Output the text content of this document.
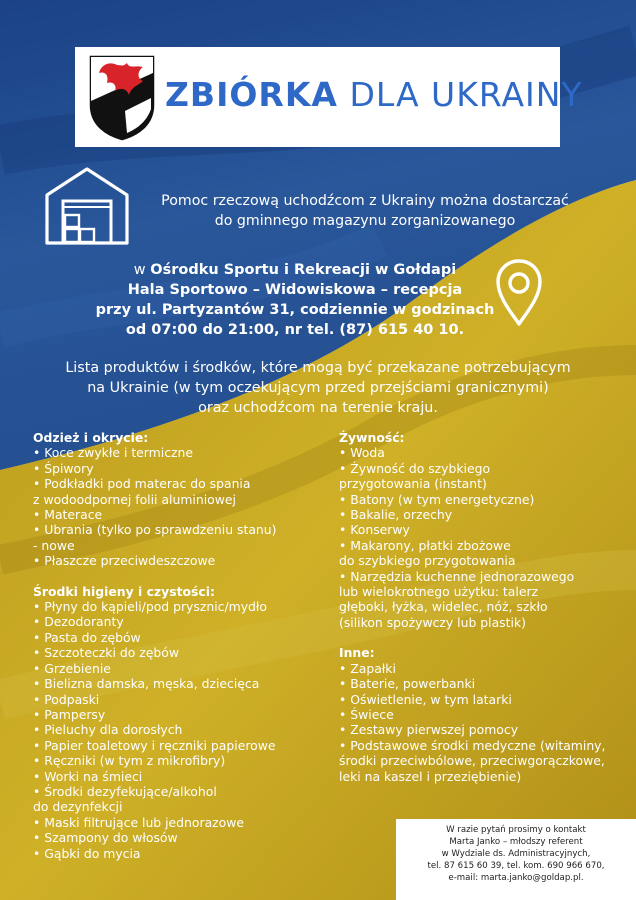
ZBIÓRKA DLA UKRAINY
Pomoc rzeczową uchodźcom z Ukrainy można dostarczać
do gminnego magazynu zorganizowanego
w Ośrodku Sportu i Rekreacji w Gołdapi
Hala Sportowo – Widowiskowa – recepcja
przy ul. Partyzantów 31, codziennie w godzinach
od 07:00 do 21:00, nr tel. (87) 615 40 10.
Lista produktów i środków, które mogą być przekazane potrzebującym
na Ukrainie (w tym oczekującym przed przejściami granicznymi)
oraz uchodźcom na terenie kraju.

Odzież i okrycie:

• Koce zwykłe i termiczne
• Śpiwory
• Podkładki pod materac do spania
z wodoodpornej folii aluminiowej
• Materace
• Ubrania (tylko po sprawdzeniu stanu)
- nowe
• Płaszcze przeciwdeszczowe

Środki higieny i czystości:

• Płyny do kąpieli/pod prysznic/mydło
• Dezodoranty
• Pasta do zębów
• Szczoteczki do zębów
• Grzebienie
• Bielizna damska, męska, dziecięca
• Podpaski
• Pampersy
• Pieluchy dla dorosłych
• Papier toaletowy i ręczniki papierowe
• Ręczniki (w tym z mikrofibry)
• Worki na śmieci
• Środki dezyfekujące/alkohol
do dezynfekcji
• Maski filtrujące lub jednorazowe
• Szampony do włosów
• Gąbki do mycia

Żywność:

• Woda
• Żywność do szybkiego
przygotowania (instant)
• Batony (w tym energetyczne)
• Bakalie, orzechy
• Konserwy
• Makarony, płatki zbożowe
do szybkiego przygotowania
• Narzędzia kuchenne jednorazowego
lub wielokrotnego użytku: talerz
głęboki, łyżka, widelec, nóż, szkło
(silikon spożywczy lub plastik)

Inne:

• Zapałki
• Baterie, powerbanki
• Oświetlenie, w tym latarki
• Świece
• Zestawy pierwszej pomocy
• Podstawowe środki medyczne (witaminy,
środki przeciwbólowe, przeciwgorączkowe,
leki na kaszel i przeziębienie)
W razie pytań prosimy o kontakt
Marta Janko – młodszy referent
w Wydziale ds. Administracyjnych,
tel. 87 615 60 39, tel. kom. 690 966 670,
e-mail: marta.janko@goldap.pl.
